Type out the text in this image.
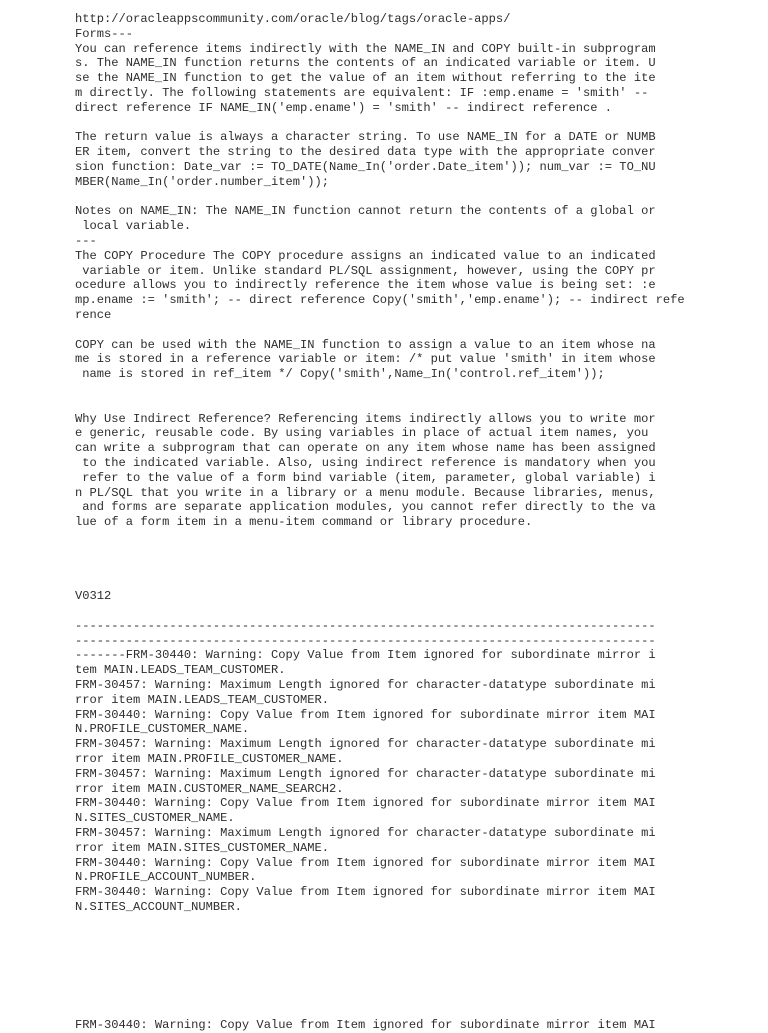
http://oracleappscommunity.com/oracle/blog/tags/oracle-apps/

Forms---

You can reference items indirectly with the NAME_IN and COPY built-in subprogram

s. The NAME_IN function returns the contents of an indicated variable or item. U

se the NAME_IN function to get the value of an item without referring to the ite

m directly. The following statements are equivalent: IF :emp.ename = 'smith' --

direct reference IF NAME_IN('emp.ename') = 'smith' -- indirect reference .

The return value is always a character string. To use NAME_IN for a DATE or NUMB

ER item, convert the string to the desired data type with the appropriate conver

sion function: Date_var := TO_DATE(Name_In('order.Date_item')); num_var := TO_NU

MBER(Name_In('order.number_item'));

Notes on NAME_IN: The NAME_IN function cannot return the contents of a global or

local variable.

---

The COPY Procedure The COPY procedure assigns an indicated value to an indicated

variable or item. Unlike standard PL/SQL assignment, however, using the COPY pr

ocedure allows you to indirectly reference the item whose value is being set: :e

mp.ename := 'smith'; -- direct reference Copy('smith','emp.ename'); -- indirect refe

rence

COPY can be used with the NAME_IN function to assign a value to an item whose na

me is stored in a reference variable or item: /* put value 'smith' in item whose

name is stored in ref_item */ Copy('smith',Name_In('control.ref_item'));

Why Use Indirect Reference? Referencing items indirectly allows you to write mor

e generic, reusable code. By using variables in place of actual item names, you

can write a subprogram that can operate on any item whose name has been assigned

to the indicated variable. Also, using indirect reference is mandatory when you

refer to the value of a form bind variable (item, parameter, global variable) i

n PL/SQL that you write in a library or a menu module. Because libraries, menus,

and forms are separate application modules, you cannot refer directly to the va

lue of a form item in a menu-item command or library procedure.

V0312

--------------------------------------------------------------------------------

--------------------------------------------------------------------------------

-------FRM-30440: Warning: Copy Value from Item ignored for subordinate mirror i

tem MAIN.LEADS_TEAM_CUSTOMER.

FRM-30457: Warning: Maximum Length ignored for character-datatype subordinate mi

rror item MAIN.LEADS_TEAM_CUSTOMER.

FRM-30440: Warning: Copy Value from Item ignored for subordinate mirror item MAI

N.PROFILE_CUSTOMER_NAME.

FRM-30457: Warning: Maximum Length ignored for character-datatype subordinate mi

rror item MAIN.PROFILE_CUSTOMER_NAME.

FRM-30457: Warning: Maximum Length ignored for character-datatype subordinate mi

rror item MAIN.CUSTOMER_NAME_SEARCH2.

FRM-30440: Warning: Copy Value from Item ignored for subordinate mirror item MAI

N.SITES_CUSTOMER_NAME.

FRM-30457: Warning: Maximum Length ignored for character-datatype subordinate mi

rror item MAIN.SITES_CUSTOMER_NAME.

FRM-30440: Warning: Copy Value from Item ignored for subordinate mirror item MAI

N.PROFILE_ACCOUNT_NUMBER.

FRM-30440: Warning: Copy Value from Item ignored for subordinate mirror item MAI

N.SITES_ACCOUNT_NUMBER.

FRM-30440: Warning: Copy Value from Item ignored for subordinate mirror item MAI
